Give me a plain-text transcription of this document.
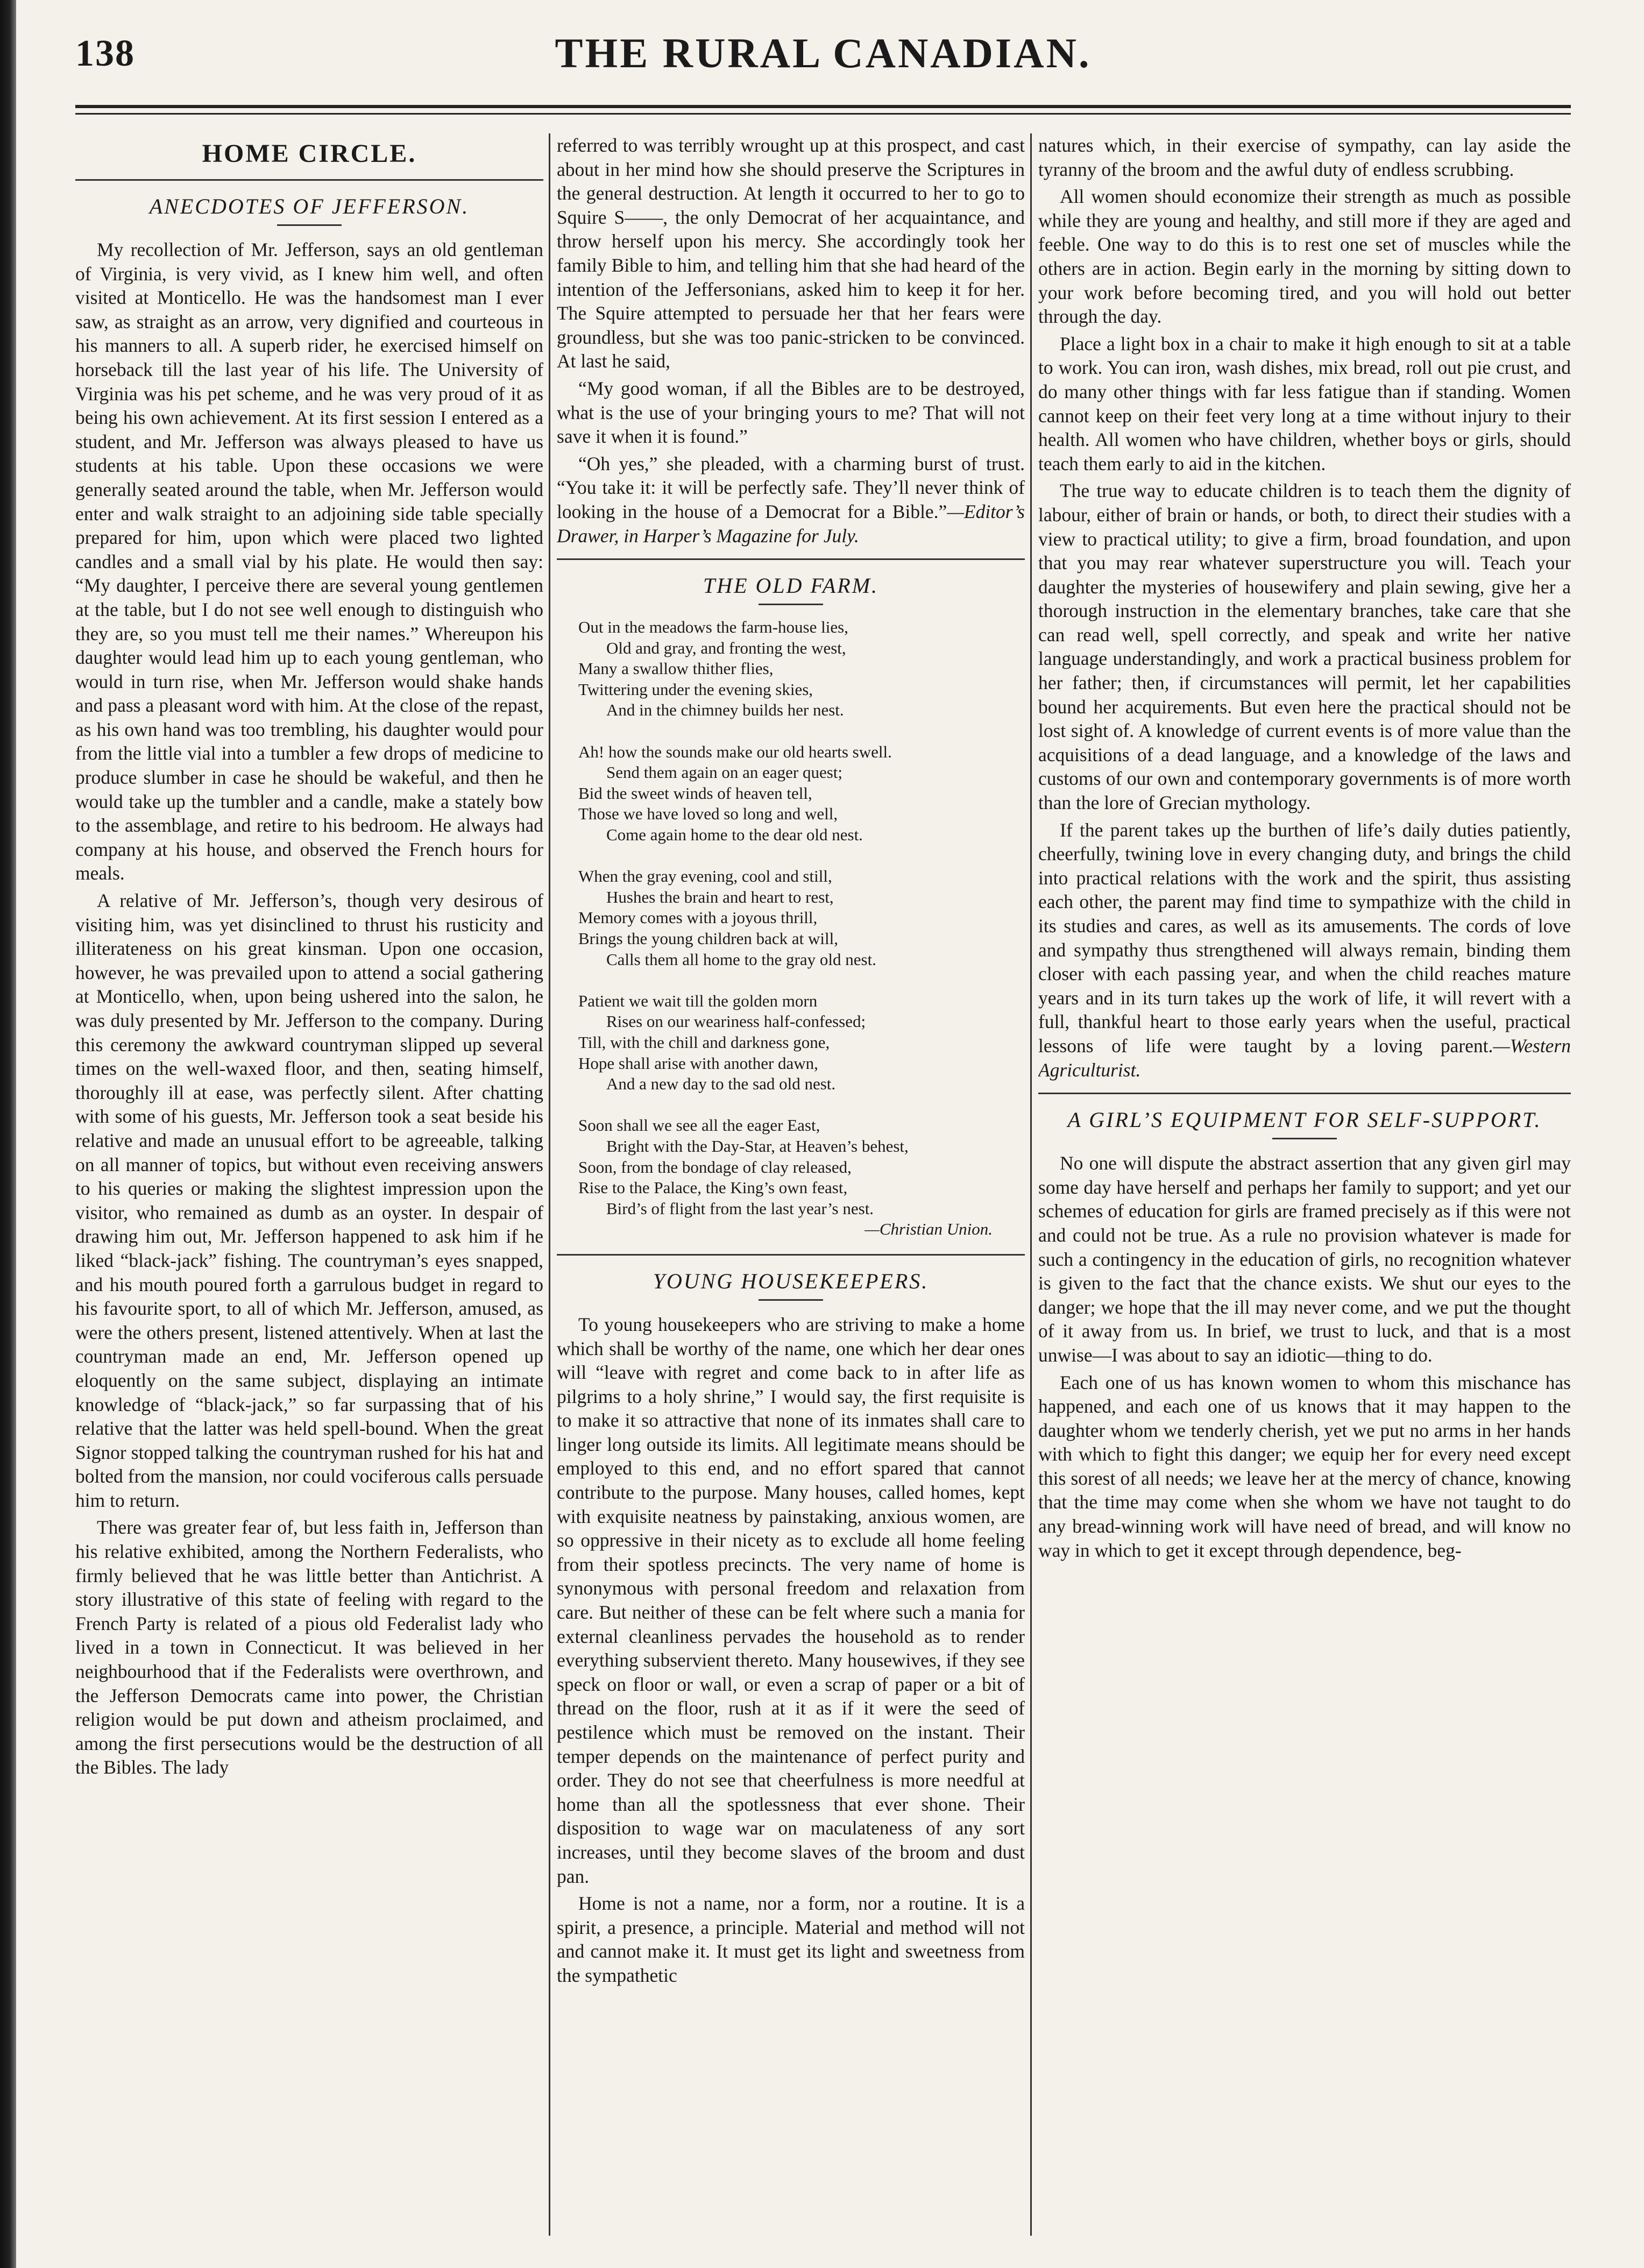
138	THE RURAL CANADIAN.
HOME CIRCLE.
ANECDOTES OF JEFFERSON.

My recollection of Mr. Jefferson, says an old gentleman of Virginia, is very vivid, as I knew him well, and often visited at Monticello. He was the handsomest man I ever saw, as straight as an arrow, very dignified and courteous in his manners to all. A superb rider, he exercised himself on horseback till the last year of his life. The University of Virginia was his pet scheme, and he was very proud of it as being his own achievement. At its first session I entered as a student, and Mr. Jefferson was always pleased to have us students at his table. Upon these occasions we were generally seated around the table, when Mr. Jefferson would enter and walk straight to an adjoining side table specially prepared for him, upon which were placed two lighted candles and a small vial by his plate. He would then say: “My daughter, I perceive there are several young gentlemen at the table, but I do not see well enough to distinguish who they are, so you must tell me their names.” Whereupon his daughter would lead him up to each young gentleman, who would in turn rise, when Mr. Jefferson would shake hands and pass a pleasant word with him. At the close of the repast, as his own hand was too trembling, his daughter would pour from the little vial into a tumbler a few drops of medicine to produce slumber in case he should be wakeful, and then he would take up the tumbler and a candle, make a stately bow to the assemblage, and retire to his bedroom. He always had company at his house, and observed the French hours for meals.

A relative of Mr. Jefferson’s, though very desirous of visiting him, was yet disinclined to thrust his rusticity and illiterateness on his great kinsman. Upon one occasion, however, he was prevailed upon to attend a social gathering at Monticello, when, upon being ushered into the salon, he was duly presented by Mr. Jefferson to the company. During this ceremony the awkward countryman slipped up several times on the well-waxed floor, and then, seating himself, thoroughly ill at ease, was perfectly silent. After chatting with some of his guests, Mr. Jefferson took a seat beside his relative and made an unusual effort to be agreeable, talking on all manner of topics, but without even receiving answers to his queries or making the slightest impression upon the visitor, who remained as dumb as an oyster. In despair of drawing him out, Mr. Jefferson happened to ask him if he liked “black-jack” fishing. The countryman’s eyes snapped, and his mouth poured forth a garrulous budget in regard to his favourite sport, to all of which Mr. Jefferson, amused, as were the others present, listened attentively. When at last the countryman made an end, Mr. Jefferson opened up eloquently on the same subject, displaying an intimate knowledge of “black-jack,” so far surpassing that of his relative that the latter was held spell-bound. When the great Signor stopped talking the countryman rushed for his hat and bolted from the mansion, nor could vociferous calls persuade him to return.

There was greater fear of, but less faith in, Jefferson than his relative exhibited, among the Northern Federalists, who firmly believed that he was little better than Antichrist. A story illustrative of this state of feeling with regard to the French Party is related of a pious old Federalist lady who lived in a town in Connecticut. It was believed in her neighbourhood that if the Federalists were overthrown, and the Jefferson Democrats came into power, the Christian religion would be put down and atheism proclaimed, and among the first persecutions would be the destruction of all the Bibles. The lady

referred to was terribly wrought up at this prospect, and cast about in her mind how she should preserve the Scriptures in the general destruction. At length it occurred to her to go to Squire S——, the only Democrat of her acquaintance, and throw herself upon his mercy. She accordingly took her family Bible to him, and telling him that she had heard of the intention of the Jeffersonians, asked him to keep it for her. The Squire attempted to persuade her that her fears were groundless, but she was too panic-stricken to be convinced. At last he said,

“My good woman, if all the Bibles are to be destroyed, what is the use of your bringing yours to me? That will not save it when it is found.”

“Oh yes,” she pleaded, with a charming burst of trust. “You take it: it will be perfectly safe. They’ll never think of looking in the house of a Democrat for a Bible.”—Editor’s Drawer, in Harper’s Magazine for July.

THE OLD FARM.
Out in the meadows the farm-house lies,
Old and gray, and fronting the west,
Many a swallow thither flies,
Twittering under the evening skies,
And in the chimney builds her nest.

Ah! how the sounds make our old hearts swell.
Send them again on an eager quest;
Bid the sweet winds of heaven tell,
Those we have loved so long and well,
Come again home to the dear old nest.

When the gray evening, cool and still,
Hushes the brain and heart to rest,
Memory comes with a joyous thrill,
Brings the young children back at will,
Calls them all home to the gray old nest.

Patient we wait till the golden morn
Rises on our weariness half-confessed;
Till, with the chill and darkness gone,
Hope shall arise with another dawn,
And a new day to the sad old nest.

Soon shall we see all the eager East,
Bright with the Day-Star, at Heaven’s behest,
Soon, from the bondage of clay released,
Rise to the Palace, the King’s own feast,
Bird’s of flight from the last year’s nest.
—Christian Union.
YOUNG HOUSEKEEPERS.

To young housekeepers who are striving to make a home which shall be worthy of the name, one which her dear ones will “leave with regret and come back to in after life as pilgrims to a holy shrine,” I would say, the first requisite is to make it so attractive that none of its inmates shall care to linger long outside its limits. All legitimate means should be employed to this end, and no effort spared that cannot contribute to the purpose. Many houses, called homes, kept with exquisite neatness by painstaking, anxious women, are so oppressive in their nicety as to exclude all home feeling from their spotless precincts. The very name of home is synonymous with personal freedom and relaxation from care. But neither of these can be felt where such a mania for external cleanliness pervades the household as to render everything subservient thereto. Many housewives, if they see speck on floor or wall, or even a scrap of paper or a bit of thread on the floor, rush at it as if it were the seed of pestilence which must be removed on the instant. Their temper depends on the maintenance of perfect purity and order. They do not see that cheerfulness is more needful at home than all the spotlessness that ever shone. Their disposition to wage war on maculateness of any sort increases, until they become slaves of the broom and dust pan.

Home is not a name, nor a form, nor a routine. It is a spirit, a presence, a principle. Material and method will not and cannot make it. It must get its light and sweetness from the sympathetic

natures which, in their exercise of sympathy, can lay aside the tyranny of the broom and the awful duty of endless scrubbing.

All women should economize their strength as much as possible while they are young and healthy, and still more if they are aged and feeble. One way to do this is to rest one set of muscles while the others are in action. Begin early in the morning by sitting down to your work before becoming tired, and you will hold out better through the day.

Place a light box in a chair to make it high enough to sit at a table to work. You can iron, wash dishes, mix bread, roll out pie crust, and do many other things with far less fatigue than if standing. Women cannot keep on their feet very long at a time without injury to their health. All women who have children, whether boys or girls, should teach them early to aid in the kitchen.

The true way to educate children is to teach them the dignity of labour, either of brain or hands, or both, to direct their studies with a view to practical utility; to give a firm, broad foundation, and upon that you may rear whatever superstructure you will. Teach your daughter the mysteries of housewifery and plain sewing, give her a thorough instruction in the elementary branches, take care that she can read well, spell correctly, and speak and write her native language understandingly, and work a practical business problem for her father; then, if circumstances will permit, let her capabilities bound her acquirements. But even here the practical should not be lost sight of. A knowledge of current events is of more value than the acquisitions of a dead language, and a knowledge of the laws and customs of our own and contemporary governments is of more worth than the lore of Grecian mythology.

If the parent takes up the burthen of life’s daily duties patiently, cheerfully, twining love in every changing duty, and brings the child into practical relations with the work and the spirit, thus assisting each other, the parent may find time to sympathize with the child in its studies and cares, as well as its amusements. The cords of love and sympathy thus strengthened will always remain, binding them closer with each passing year, and when the child reaches mature years and in its turn takes up the work of life, it will revert with a full, thankful heart to those early years when the useful, practical lessons of life were taught by a loving parent.—Western Agriculturist.

A GIRL’S EQUIPMENT FOR SELF-SUPPORT.

No one will dispute the abstract assertion that any given girl may some day have herself and perhaps her family to support; and yet our schemes of education for girls are framed precisely as if this were not and could not be true. As a rule no provision whatever is made for such a contingency in the education of girls, no recognition whatever is given to the fact that the chance exists. We shut our eyes to the danger; we hope that the ill may never come, and we put the thought of it away from us. In brief, we trust to luck, and that is a most unwise—I was about to say an idiotic—thing to do.

Each one of us has known women to whom this mischance has happened, and each one of us knows that it may happen to the daughter whom we tenderly cherish, yet we put no arms in her hands with which to fight this danger; we equip her for every need except this sorest of all needs; we leave her at the mercy of chance, knowing that the time may come when she whom we have not taught to do any bread-winning work will have need of bread, and will know no way in which to get it except through dependence, beg-
